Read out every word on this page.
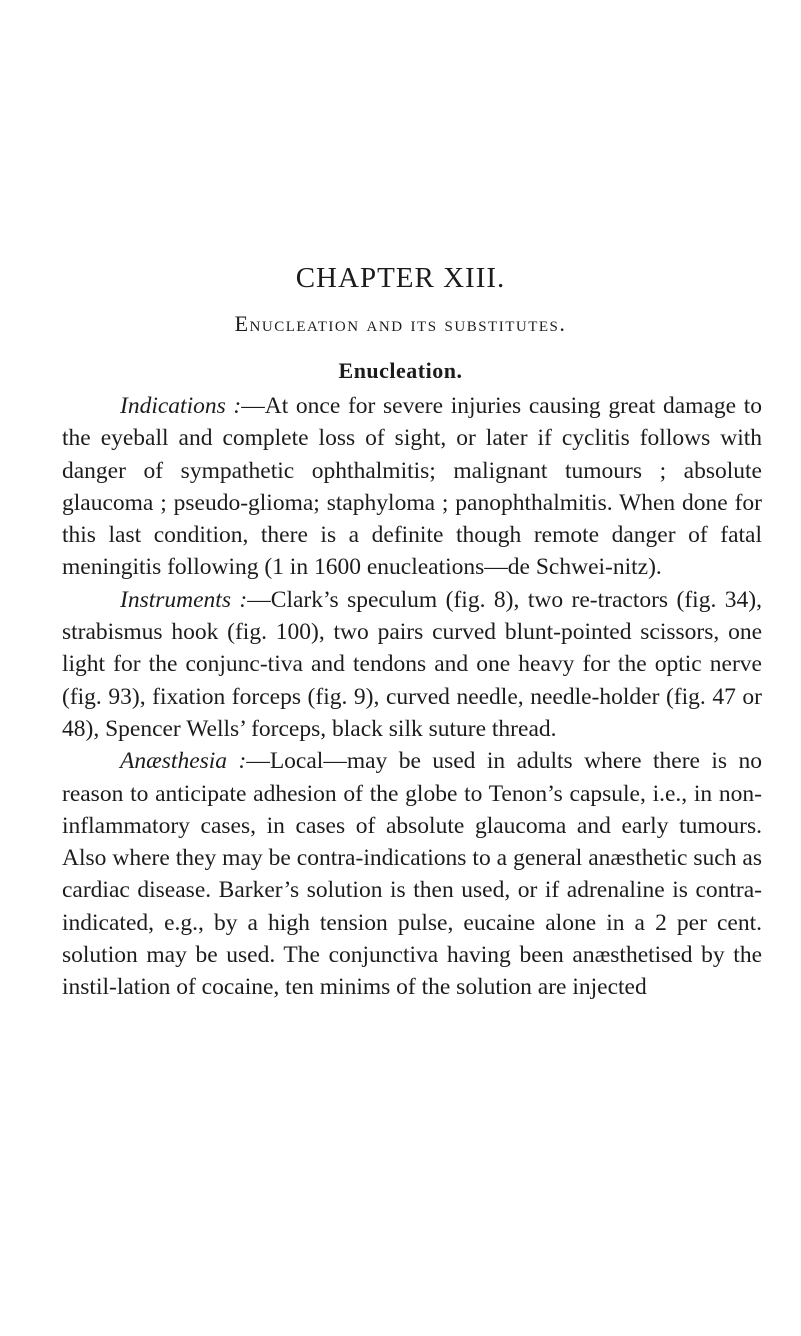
CHAPTER XIII.
Enucleation and its substitutes.
Enucleation.

Indications :—At once for severe injuries causing great damage to the eyeball and complete loss of sight, or later if cyclitis follows with danger of sympathetic ophthalmitis; malignant tumours ; absolute glaucoma ; pseudo-glioma; staphyloma ; panophthalmitis. When done for this last condition, there is a definite though remote danger of fatal meningitis following (1 in 1600 enucleations—de Schwei-nitz).

Instruments :—Clark’s speculum (fig. 8), two re-tractors (fig. 34), strabismus hook (fig. 100), two pairs curved blunt-pointed scissors, one light for the conjunc-tiva and tendons and one heavy for the optic nerve (fig. 93), fixation forceps (fig. 9), curved needle, needle-holder (fig. 47 or 48), Spencer Wells’ forceps, black silk suture thread.

Anæsthesia :—Local—may be used in adults where there is no reason to anticipate adhesion of the globe to Tenon’s capsule, i.e., in non-inflammatory cases, in cases of absolute glaucoma and early tumours. Also where they may be contra-indications to a general anæsthetic such as cardiac disease. Barker’s solution is then used, or if adrenaline is contra-indicated, e.g., by a high tension pulse, eucaine alone in a 2 per cent. solution may be used. The conjunctiva having been anæsthetised by the instil-lation of cocaine, ten minims of the solution are injected
